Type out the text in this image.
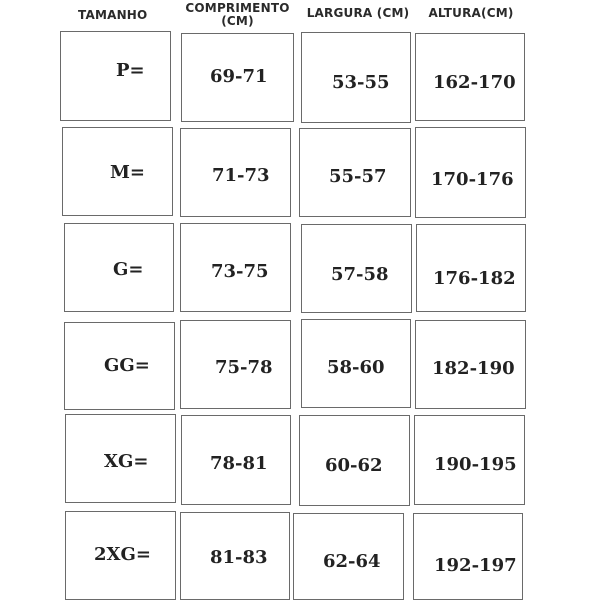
TAMANHO	COMPRIMENTO
(CM)
LARGURA (CM)	ALTURA(CM)
P=	69-71	53-55 162-170
M=	71-73	55-57 170-176
G=	73-75	57-58 176-182
GG=	75-78	58-60	182-190
XG=	78-81	60-62	190-195
2XG=	81-83	62-64	192-197
